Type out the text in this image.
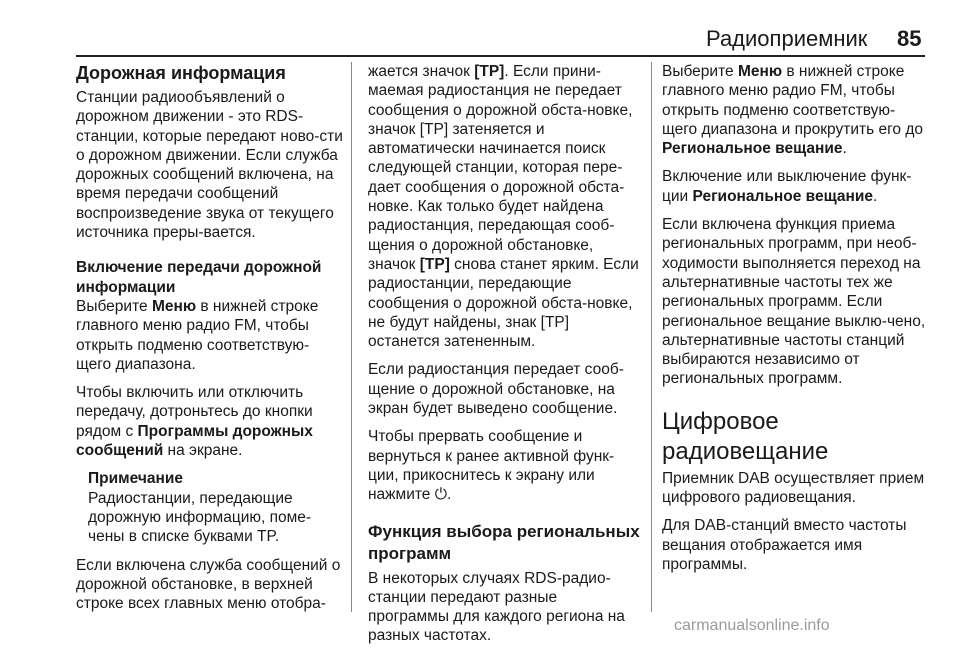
Радиоприемник 85
Дорожная информация

Станции радиообъявлений о дорожном движении - это RDS-станции, которые передают ново-сти о дорожном движении. Если служба дорожных сообщений включена, на время передачи сообщений воспроизведение звука от текущего источника преры-вается.

Включение передачи дорожной информации

Выберите Меню в нижней строке главного меню радио FM, чтобы открыть подменю соответствую-щего диапазона.

Чтобы включить или отключить передачу, дотроньтесь до кнопки рядом с Программы дорожных сообщений на экране.

Примечание
Радиостанции, передающие дорожную информацию, поме-чены в списке буквами TP.

Если включена служба сообщений о дорожной обстановке, в верхней строке всех главных меню отобра-

жается значок [TP]. Если прини-маемая радиостанция не передает сообщения о дорожной обста-новке, значок [TP] затеняется и автоматически начинается поиск следующей станции, которая пере-дает сообщения о дорожной обста-новке. Как только будет найдена радиостанция, передающая сооб-щения о дорожной обстановке, значок [TP] снова станет ярким. Если радиостанции, передающие сообщения о дорожной обста-новке, не будут найдены, знак [TP] останется затененным.

Если радиостанция передает сооб-щение о дорожной обстановке, на экран будет выведено сообщение.

Чтобы прервать сообщение и вернуться к ранее активной функ-ции, прикоснитесь к экрану или нажмите ⏻.

Функция выбора региональных программ

В некоторых случаях RDS-радио-станции передают разные программы для каждого региона на разных частотах.

Выберите Меню в нижней строке главного меню радио FM, чтобы открыть подменю соответствую-щего диапазона и прокрутить его до Региональное вещание.

Включение или выключение функ-ции Региональное вещание.

Если включена функция приема региональных программ, при необ-ходимости выполняется переход на альтернативные частоты тех же региональных программ. Если региональное вещание выклю-чено, альтернативные частоты станций выбираются независимо от региональных программ.

Цифровое радиовещание

Приемник DAB осуществляет прием цифрового радиовещания.

Для DAB-станций вместо частоты вещания отображается имя программы.

carmanualsonline.info
